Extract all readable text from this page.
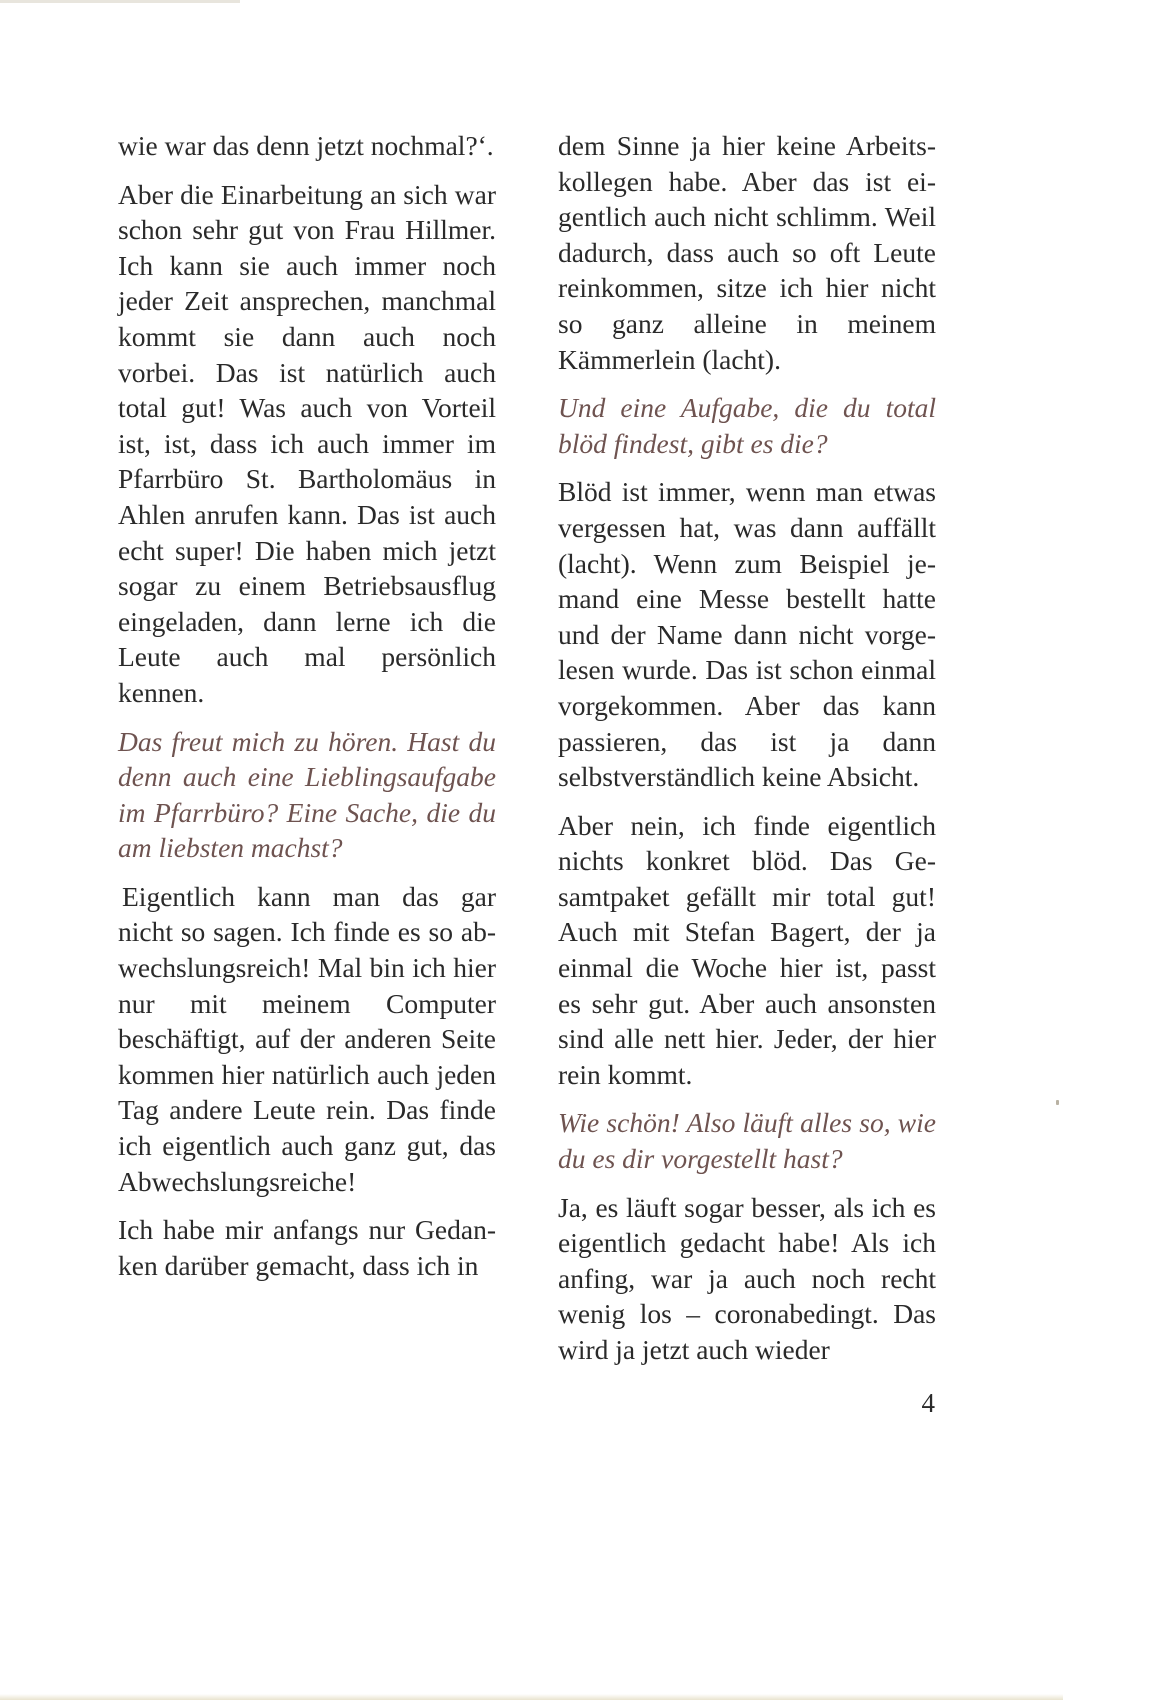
wie war das denn jetzt nochmal?‘.

Aber die Einarbeitung an sich war schon sehr gut von Frau Hillmer. Ich kann sie auch immer noch jeder Zeit ansprechen, manchmal kommt sie dann auch noch vorbei. Das ist natürlich auch total gut! Was auch von Vorteil ist, ist, dass ich auch immer im Pfarrbüro St. Bartholomäus in Ahlen anrufen kann. Das ist auch echt super! Die haben mich jetzt sogar zu einem Betriebsausflug eingeladen, dann lerne ich die Leute auch mal persönlich kennen.

Das freut mich zu hören. Hast du denn auch eine Lieblingsaufgabe im Pfarrbüro? Eine Sache, die du am liebsten machst?

Eigentlich kann man das gar nicht so sagen. Ich finde es so abwechslungsreich! Mal bin ich hier nur mit meinem Computer beschäftigt, auf der anderen Seite kommen hier natürlich auch jeden Tag andere Leute rein. Das finde ich eigentlich auch ganz gut, das Abwechslungsreiche!

Ich habe mir anfangs nur Gedanken darüber gemacht, dass ich in

dem Sinne ja hier keine Arbeitskollegen habe. Aber das ist eigentlich auch nicht schlimm. Weil dadurch, dass auch so oft Leute reinkommen, sitze ich hier nicht so ganz alleine in meinem Kämmerlein (lacht).

Und eine Aufgabe, die du total blöd findest, gibt es die?

Blöd ist immer, wenn man etwas vergessen hat, was dann auffällt (lacht). Wenn zum Beispiel jemand eine Messe bestellt hatte und der Name dann nicht vorgelesen wurde. Das ist schon einmal vorgekommen. Aber das kann passieren, das ist ja dann selbstverständlich keine Absicht.

Aber nein, ich finde eigentlich nichts konkret blöd. Das Gesamtpaket gefällt mir total gut! Auch mit Stefan Bagert, der ja einmal die Woche hier ist, passt es sehr gut. Aber auch ansonsten sind alle nett hier. Jeder, der hier rein kommt.

Wie schön! Also läuft alles so, wie du es dir vorgestellt hast?

Ja, es läuft sogar besser, als ich es eigentlich gedacht habe! Als ich anfing, war ja auch noch recht wenig los – coronabedingt. Das wird ja jetzt auch wieder

4
